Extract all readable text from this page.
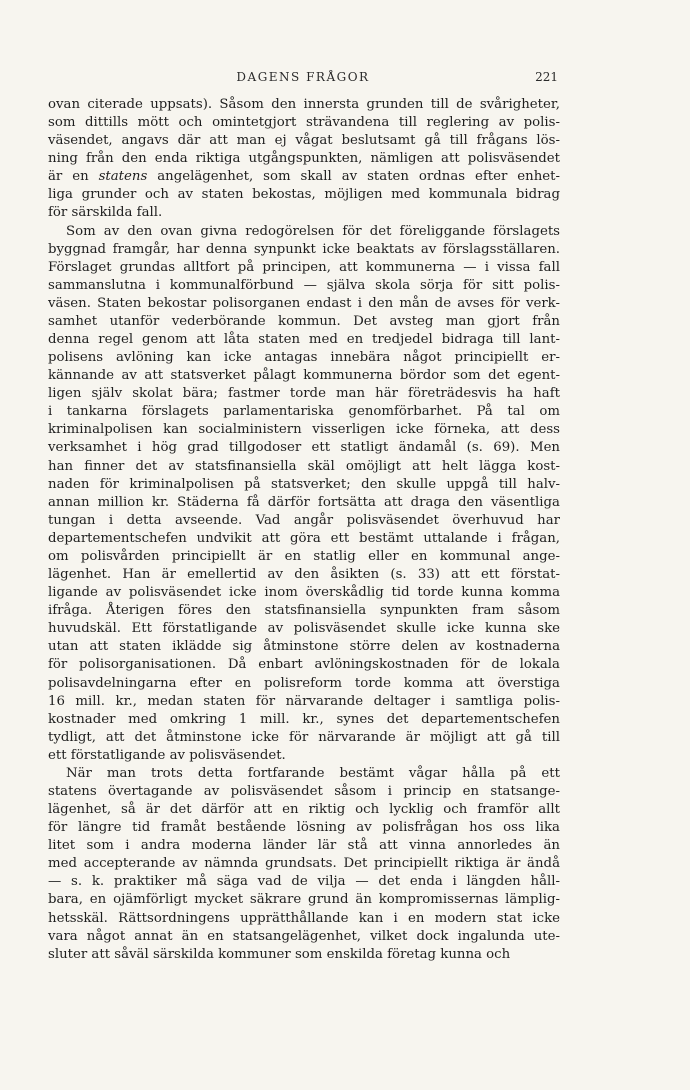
DAGENS FRÅGOR	221
ovan citerade uppsats). Såsom den innersta grunden till de svårigheter,
som dittills mött och omintetgjort strävandena till reglering av polis-
väsendet, angavs där att man ej vågat beslutsamt gå till frågans lös-
ning från den enda riktiga utgångspunkten, nämligen att polisväsendet
är en statens angelägenhet, som skall av staten ordnas efter enhet-
liga grunder och av staten bekostas, möjligen med kommunala bidrag
för särskilda fall.
Som av den ovan givna redogörelsen för det föreliggande förslagets
byggnad framgår, har denna synpunkt icke beaktats av förslagsställaren.
Förslaget grundas alltfort på principen, att kommunerna — i vissa fall
sammanslutna i kommunalförbund — själva skola sörja för sitt polis-
väsen. Staten bekostar polisorganen endast i den mån de avses för verk-
samhet utanför vederbörande kommun. Det avsteg man gjort från
denna regel genom att låta staten med en tredjedel bidraga till lant-
polisens avlöning kan icke antagas innebära något principiellt er-
kännande av att statsverket pålagt kommunerna bördor som det egent-
ligen själv skolat bära; fastmer torde man här företrädesvis ha haft
i tankarna förslagets parlamentariska genomförbarhet. På tal om
kriminalpolisen kan socialministern visserligen icke förneka, att dess
verksamhet i hög grad tillgodoser ett statligt ändamål (s. 69). Men
han finner det av statsfinansiella skäl omöjligt att helt lägga kost-
naden för kriminalpolisen på statsverket; den skulle uppgå till halv-
annan million kr. Städerna få därför fortsätta att draga den väsentliga
tungan i detta avseende. Vad angår polisväsendet överhuvud har
departementschefen undvikit att göra ett bestämt uttalande i frågan,
om polisvården principiellt är en statlig eller en kommunal ange-
lägenhet. Han är emellertid av den åsikten (s. 33) att ett förstat-
ligande av polisväsendet icke inom överskådlig tid torde kunna komma
ifråga. Återigen föres den statsfinansiella synpunkten fram såsom
huvudskäl. Ett förstatligande av polisväsendet skulle icke kunna ske
utan att staten ikläddе sig åtminstone större delen av kostnaderna
för polisorganisationen. Då enbart avlöningskostnaden för de lokala
polisavdelningarna efter en polisreform torde komma att överstiga
16 mill. kr., medan staten för närvarande deltager i samtliga polis-
kostnader med omkring 1 mill. kr., synes det departementschefen
tydligt, att det åtminstone icke för närvarande är möjligt att gå till
ett förstatligande av polisväsendet.
När man trots detta fortfarande bestämt vågar hålla på ett
statens övertagande av polisväsendet såsom i princip en statsange-
lägenhet, så är det därför att en riktig och lycklig och framför allt
för längre tid framåt bestående lösning av polisfrågan hos oss lika
litet som i andra moderna länder lär stå att vinna annorledes än
med accepterande av nämnda grundsats. Det principiellt riktiga är ändå
— s. k. praktiker må säga vad de vilja — det enda i längden håll-
bara, en ojämförligt mycket säkrare grund än kompromissernas lämplig-
hetsskäl. Rättsordningens upprätthållande kan i en modern stat icke
vara något annat än en statsangelägenhet, vilket dock ingalunda ute-
sluter att såväl särskilda kommuner som enskilda företag kunna och
